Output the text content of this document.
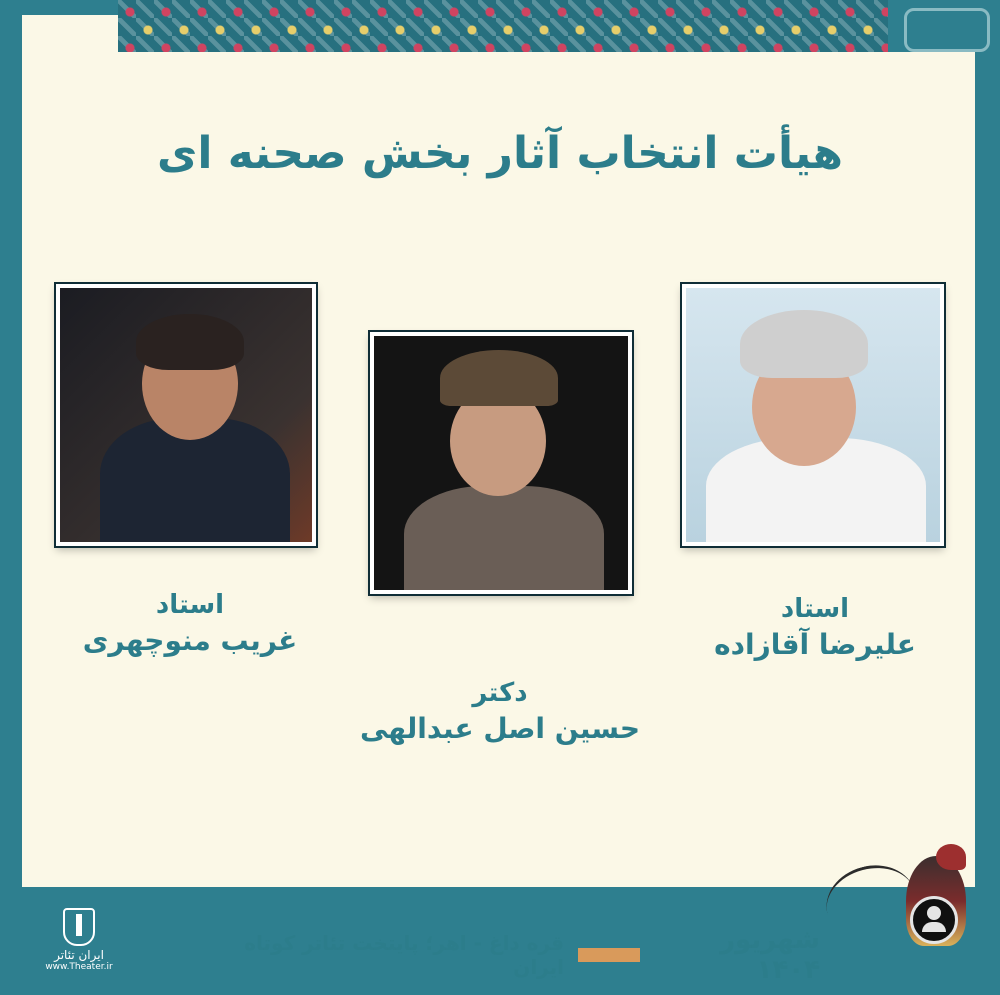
هیأت انتخاب آثار بخش صحنه ای
استاد
غریب منوچهری
دکتر
حسین اصل عبدالهی
استاد
علیرضا آقازاده
شهریور ۱۴۰۴
قره داغ - اهر؛ پایتخت تئاتر کوتاه ایران
ایران تئاتر
www.Theater.ir
